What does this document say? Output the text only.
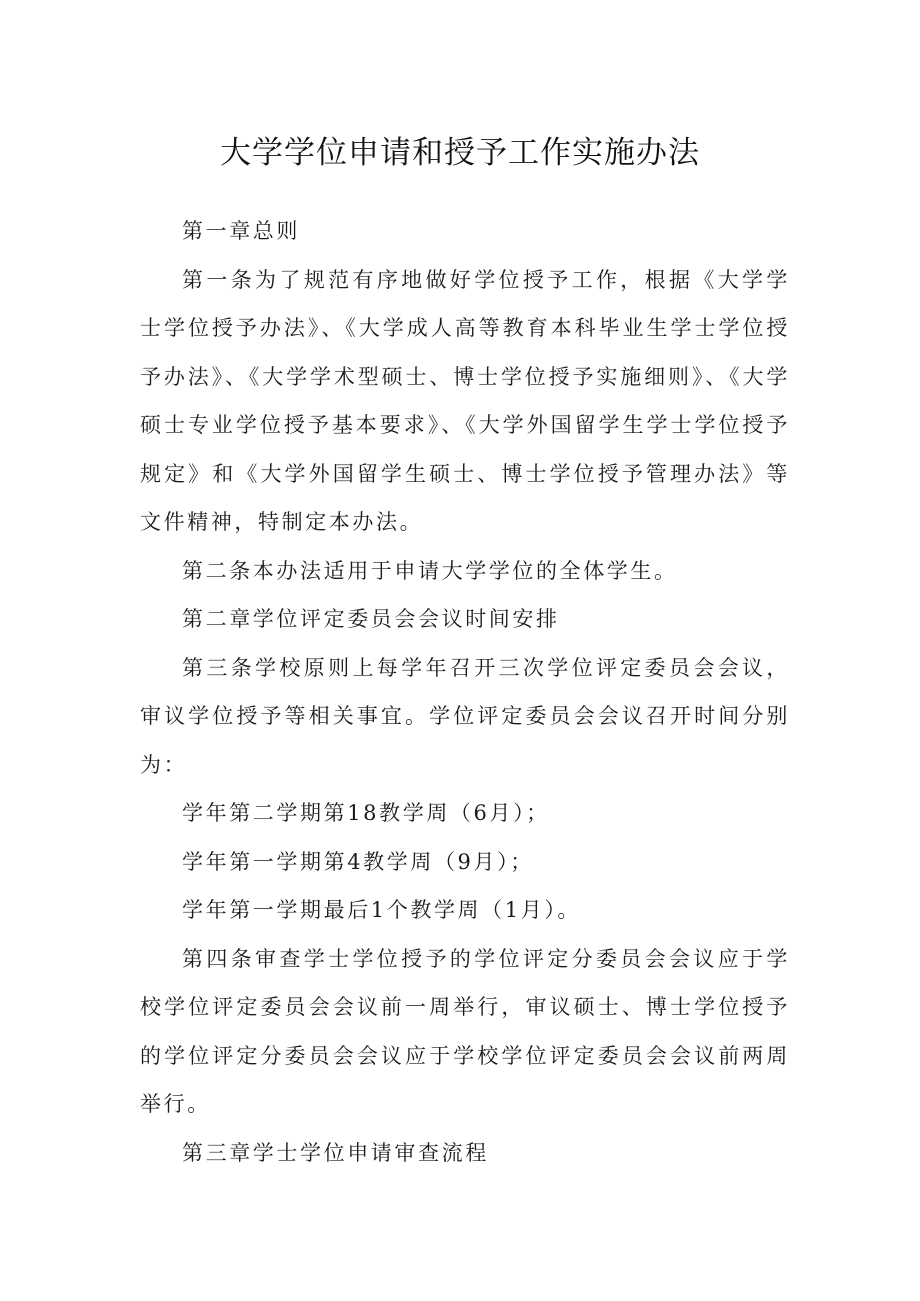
大学学位申请和授予工作实施办法

第一章总则

第一条为了规范有序地做好学位授予工作，根据《大学学士学位授予办法》、《大学成人高等教育本科毕业生学士学位授予办法》、《大学学术型硕士、博士学位授予实施细则》、《大学硕士专业学位授予基本要求》、《大学外国留学生学士学位授予规定》和《大学外国留学生硕士、博士学位授予管理办法》等文件精神，特制定本办法。

第二条本办法适用于申请大学学位的全体学生。

第二章学位评定委员会会议时间安排

第三条学校原则上每学年召开三次学位评定委员会会议，审议学位授予等相关事宜。学位评定委员会会议召开时间分别为：

学年第二学期第18教学周（6月）；

学年第一学期第4教学周（9月）；

学年第一学期最后1个教学周（1月）。

第四条审查学士学位授予的学位评定分委员会会议应于学校学位评定委员会会议前一周举行，审议硕士、博士学位授予的学位评定分委员会会议应于学校学位评定委员会会议前两周举行。

第三章学士学位申请审查流程
